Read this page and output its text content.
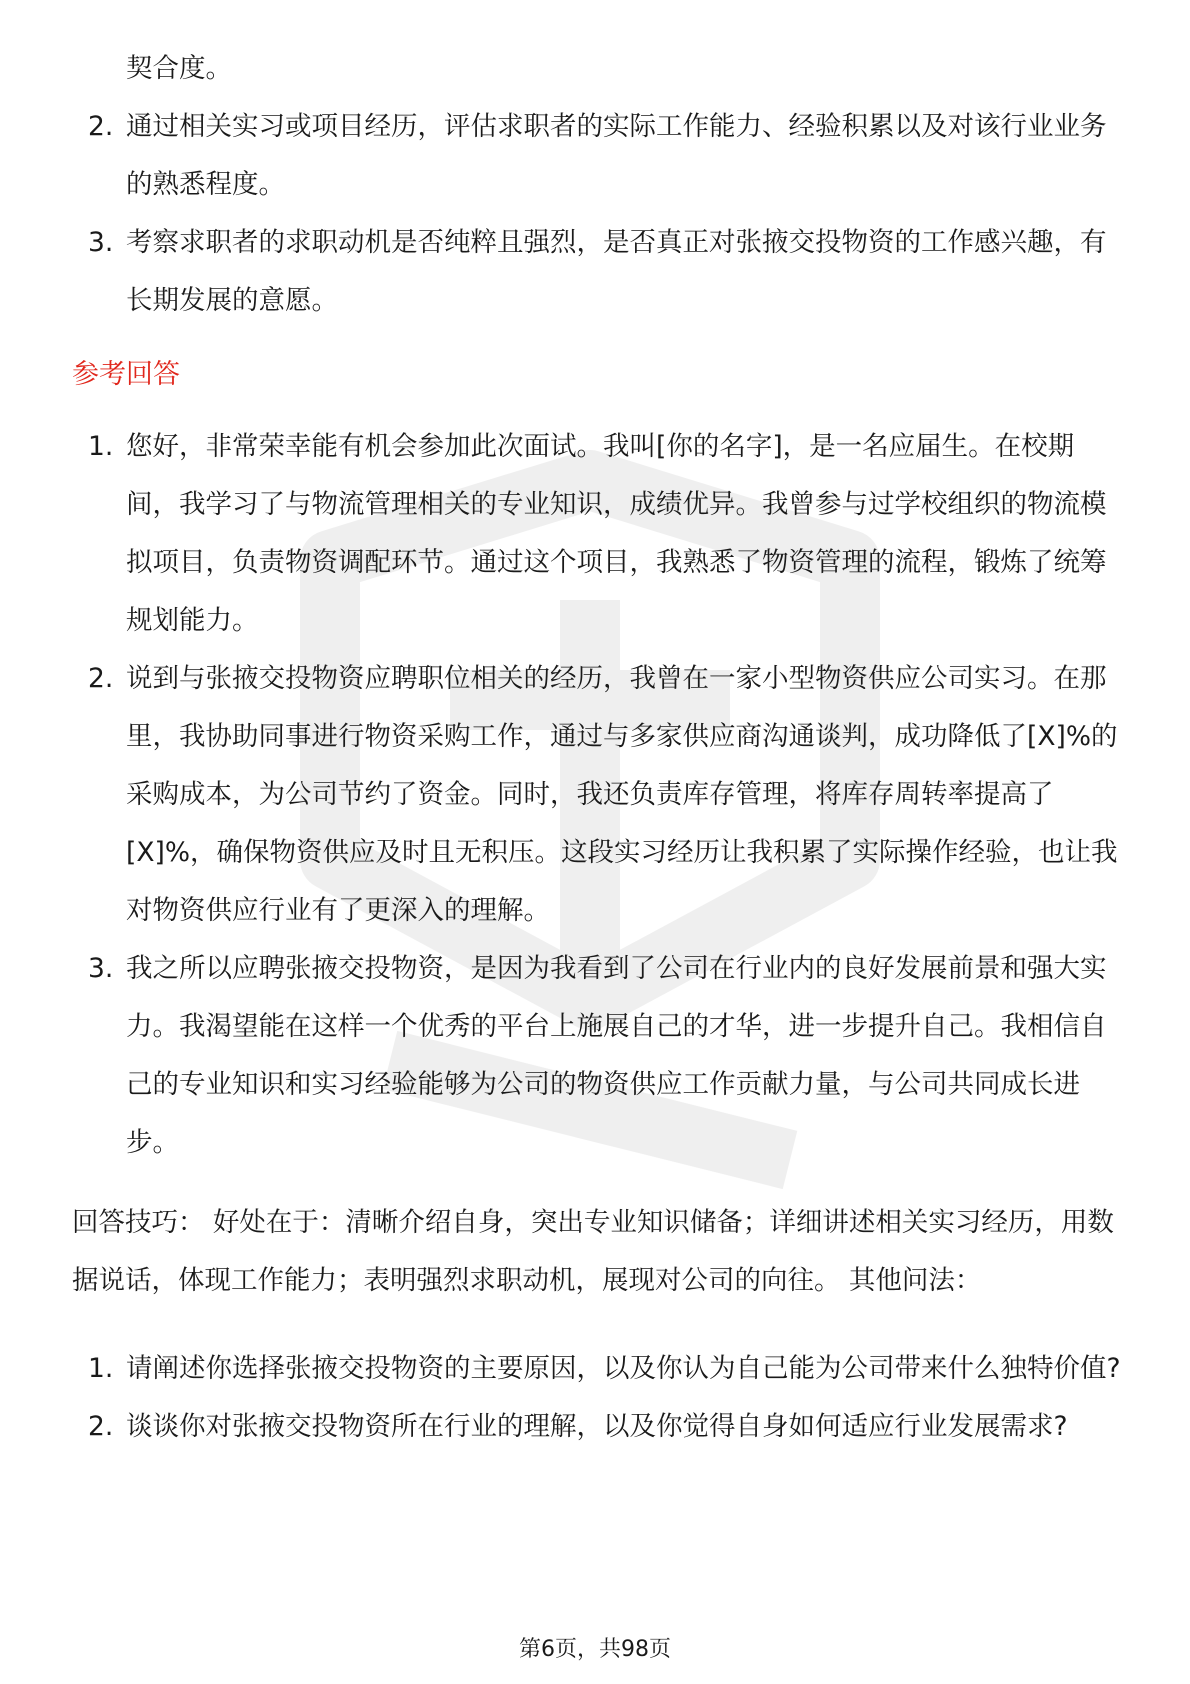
契合度。
2. 通过相关实习或项目经历，评估求职者的实际工作能力、经验积累以及对该行业业务的熟悉程度。
3. 考察求职者的求职动机是否纯粹且强烈，是否真正对张掖交投物资的工作感兴趣，有长期发展的意愿。
参考回答
1. 您好，非常荣幸能有机会参加此次面试。我叫[你的名字]，是一名应届生。在校期间，我学习了与物流管理相关的专业知识，成绩优异。我曾参与过学校组织的物流模拟项目，负责物资调配环节。通过这个项目，我熟悉了物资管理的流程，锻炼了统筹规划能力。
2. 说到与张掖交投物资应聘职位相关的经历，我曾在一家小型物资供应公司实习。在那里，我协助同事进行物资采购工作，通过与多家供应商沟通谈判，成功降低了[X]%的采购成本，为公司节约了资金。同时，我还负责库存管理，将库存周转率提高了[X]%，确保物资供应及时且无积压。这段实习经历让我积累了实际操作经验，也让我对物资供应行业有了更深入的理解。
3. 我之所以应聘张掖交投物资，是因为我看到了公司在行业内的良好发展前景和强大实力。我渴望能在这样一个优秀的平台上施展自己的才华，进一步提升自己。我相信自己的专业知识和实习经验能够为公司的物资供应工作贡献力量，与公司共同成长进步。
回答技巧： 好处在于：清晰介绍自身，突出专业知识储备；详细讲述相关实习经历，用数据说话，体现工作能力；表明强烈求职动机，展现对公司的向往。 其他问法：
1. 请阐述你选择张掖交投物资的主要原因，以及你认为自己能为公司带来什么独特价值?
2. 谈谈你对张掖交投物资所在行业的理解，以及你觉得自身如何适应行业发展需求?
第6页，共98页
